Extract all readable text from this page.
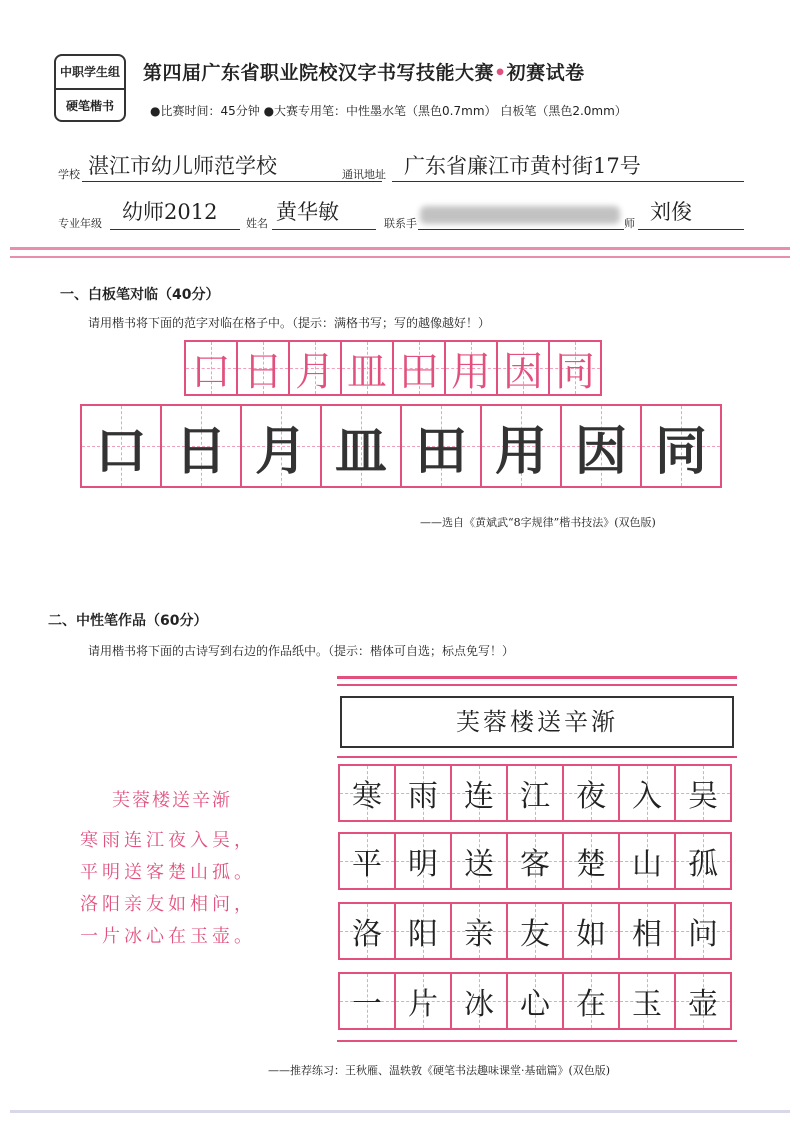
中职学生组
硬笔楷书
第四届广东省职业院校汉字书写技能大赛•初赛试卷
●比赛时间：45分钟 ●大赛专用笔：中性墨水笔（黑色0.7mm） 白板笔（黑色2.0mm）
学校 湛江市幼儿师范学校	通讯地址 广东省廉江市黄村街17号
专业年级 幼师2012	姓名 黄华敏	联系手	师 刘俊
一、白板笔对临（40分）
请用楷书将下面的范字对临在格子中。（提示：满格书写；写的越像越好！）
口 日 月 皿 田 用 因 同
口 日 月 皿 田 用 因 同
——选自《黄斌武“8字规律”楷书技法》(双色版)
二、中性笔作品（60分）
请用楷书将下面的古诗写到右边的作品纸中。（提示：楷体可自选；标点免写！）
芙蓉楼送辛渐
寒雨连江夜入吴，
平明送客楚山孤。
洛阳亲友如相问，
一片冰心在玉壶。
芙蓉楼送辛渐
寒 雨 连 江 夜 入 吴
平 明 送 客 楚 山 孤
洛 阳 亲 友 如 相 问
一 片 冰 心 在 玉 壶
——推荐练习：王秋雁、温轶敦《硬笔书法趣味课堂·基础篇》(双色版)
